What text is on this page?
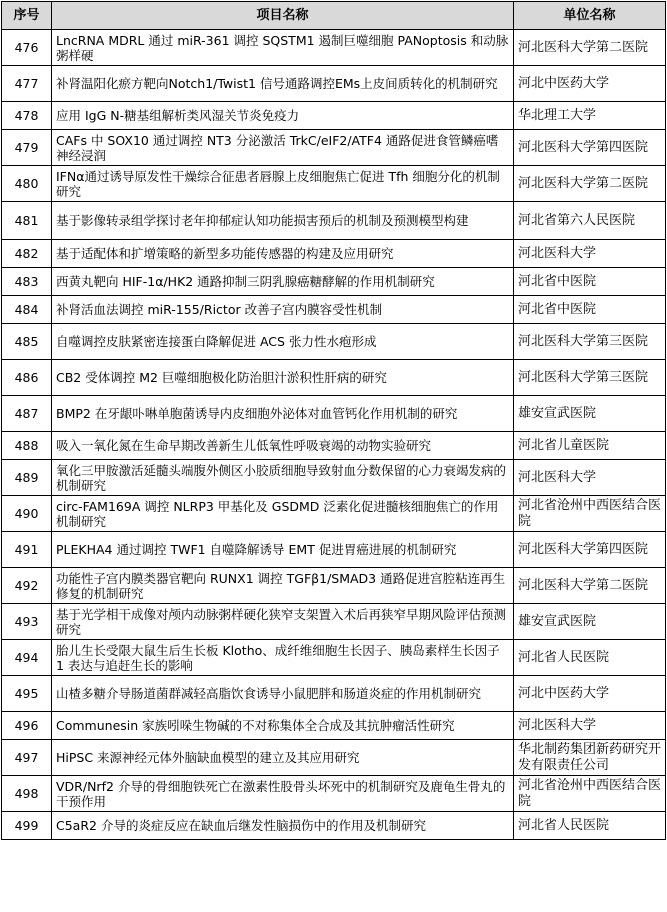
序号	项目名称	单位名称
476	LncRNA MDRL 通过 miR-361 调控 SQSTM1 遏制巨噬细胞 PANoptosis 和动脉粥样硬	河北医科大学第二医院
477	补肾温阳化瘀方靶向Notch1/Twist1 信号通路调控EMs上皮间质转化的机制研究	河北中医药大学
478	应用 IgG N-糖基组解析类风湿关节炎免疫力	华北理工大学
479	CAFs 中 SOX10 通过调控 NT3 分泌激活 TrkC/eIF2/ATF4 通路促进食管鳞癌嗜神经浸润	河北医科大学第四医院
480	IFNα通过诱导原发性干燥综合征患者唇腺上皮细胞焦亡促进 Tfh 细胞分化的机制研究	河北医科大学第二医院
481	基于影像转录组学探讨老年抑郁症认知功能损害预后的机制及预测模型构建	河北省第六人民医院
482	基于适配体和扩增策略的新型多功能传感器的构建及应用研究	河北医科大学
483	西黄丸靶向 HIF-1α/HK2 通路抑制三阴乳腺癌糖酵解的作用机制研究	河北省中医院
484	补肾活血法调控 miR-155/Rictor 改善子宫内膜容受性机制	河北省中医院
485	自噬调控皮肤紧密连接蛋白降解促进 ACS 张力性水疱形成	河北医科大学第三医院
486	CB2 受体调控 M2 巨噬细胞极化防治胆汁淤积性肝病的研究	河北医科大学第三医院
487	BMP2 在牙龈卟啉单胞菌诱导内皮细胞外泌体对血管钙化作用机制的研究	雄安宣武医院
488	吸入一氧化氮在生命早期改善新生儿低氧性呼吸衰竭的动物实验研究	河北省儿童医院
489	氧化三甲胺激活延髓头端腹外侧区小胶质细胞导致射血分数保留的心力衰竭发病的机制研究	河北医科大学
490	circ-FAM169A 调控 NLRP3 甲基化及 GSDMD 泛素化促进髓核细胞焦亡的作用机制研究	河北省沧州中西医结合医院
491	PLEKHA4 通过调控 TWF1 自噬降解诱导 EMT 促进胃癌进展的机制研究	河北医科大学第四医院
492	功能性子宫内膜类器官靶向 RUNX1 调控 TGFβ1/SMAD3 通路促进宫腔粘连再生修复的机制研究	河北医科大学第二医院
493	基于光学相干成像对颅内动脉粥样硬化狭窄支架置入术后再狭窄早期风险评估预测研究	雄安宣武医院
494	胎儿生长受限大鼠生后生长板 Klotho、成纤维细胞生长因子、胰岛素样生长因子 1 表达与追赶生长的影响	河北省人民医院
495	山楂多糖介导肠道菌群减轻高脂饮食诱导小鼠肥胖和肠道炎症的作用机制研究	河北中医药大学
496	Communesin 家族吲哚生物碱的不对称集体全合成及其抗肿瘤活性研究	河北医科大学
497	HiPSC 来源神经元体外脑缺血模型的建立及其应用研究	华北制药集团新药研究开发有限责任公司
498	VDR/Nrf2 介导的骨细胞铁死亡在激素性股骨头坏死中的机制研究及鹿龟生骨丸的干预作用	河北省沧州中西医结合医院
499	C5aR2 介导的炎症反应在缺血后继发性脑损伤中的作用及机制研究	河北省人民医院
